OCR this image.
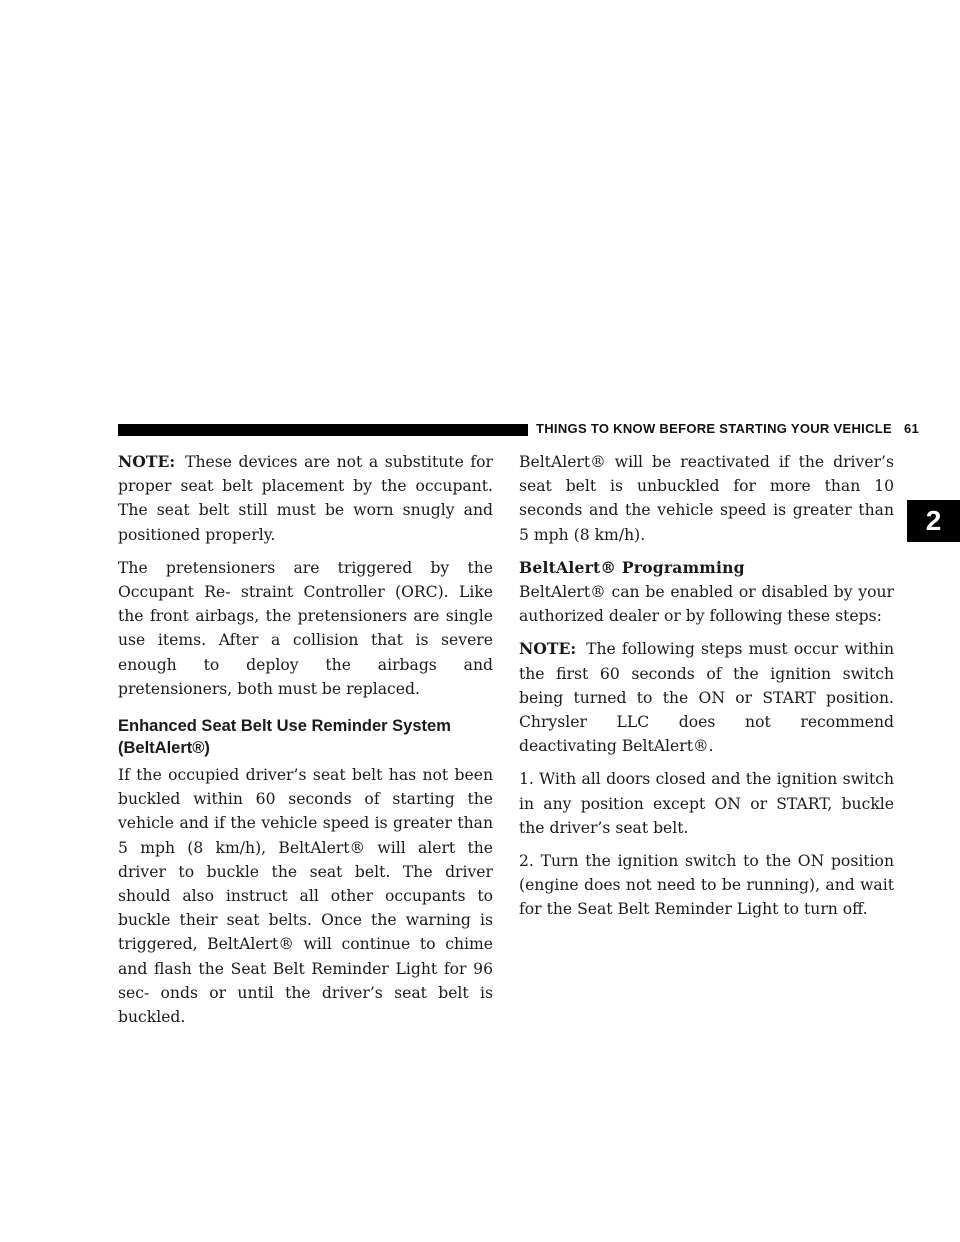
THINGS TO KNOW BEFORE STARTING YOUR VEHICLE 61
2

NOTE: These devices are not a substitute for proper seat belt placement by the occupant. The seat belt still must be worn snugly and positioned properly.

The pretensioners are triggered by the Occupant Re- straint Controller (ORC). Like the front airbags, the pretensioners are single use items. After a collision that is severe enough to deploy the airbags and pretensioners, both must be replaced.

Enhanced Seat Belt Use Reminder System (BeltAlert®)

If the occupied driver’s seat belt has not been buckled within 60 seconds of starting the vehicle and if the vehicle speed is greater than 5 mph (8 km/h), BeltAlert® will alert the driver to buckle the seat belt. The driver should also instruct all other occupants to buckle their seat belts. Once the warning is triggered, BeltAlert® will continue to chime and flash the Seat Belt Reminder Light for 96 sec- onds or until the driver’s seat belt is buckled.

BeltAlert® will be reactivated if the driver’s seat belt is unbuckled for more than 10 seconds and the vehicle speed is greater than 5 mph (8 km/h).

BeltAlert® Programming

BeltAlert® can be enabled or disabled by your authorized dealer or by following these steps:

NOTE: The following steps must occur within the first 60 seconds of the ignition switch being turned to the ON or START position. Chrysler LLC does not recommend deactivating BeltAlert®.

1. With all doors closed and the ignition switch in any position except ON or START, buckle the driver’s seat belt.

2. Turn the ignition switch to the ON position (engine does not need to be running), and wait for the Seat Belt Reminder Light to turn off.
